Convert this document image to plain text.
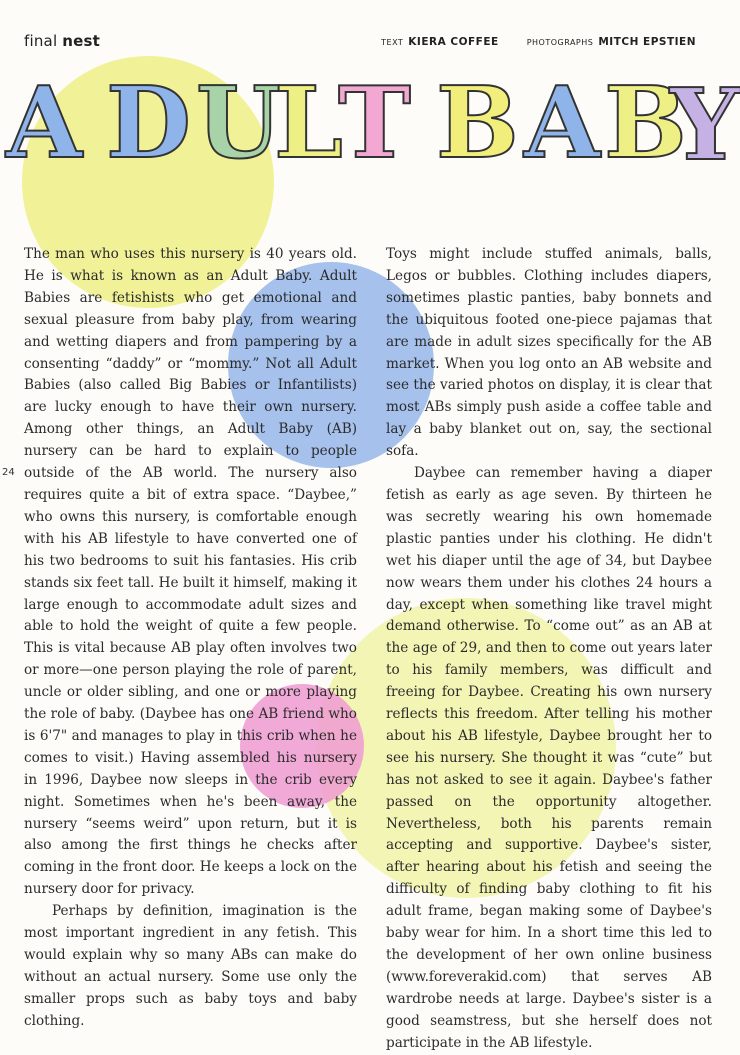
final nest	TEXT KIERA COFFEE	PHOTOGRAPHS MITCH EPSTIEN
A D U
L
T B A B
Y
24

The man who uses this nursery is 40 years old. He is what is known as an Adult Baby. Adult Babies are fetishists who get emotional and sexual pleasure from baby play, from wearing and wetting diapers and from pampering by a consenting “daddy” or “mommy.” Not all Adult Babies (also called Big Babies or Infantilists) are lucky enough to have their own nursery. Among other things, an Adult Baby (AB) nursery can be hard to explain to people outside of the AB world. The nursery also requires quite a bit of extra space. “Daybee,” who owns this nursery, is comfortable enough with his AB lifestyle to have converted one of his two bedrooms to suit his fantasies. His crib stands six feet tall. He built it himself, making it large enough to accommodate adult sizes and able to hold the weight of quite a few people. This is vital because AB play often involves two or more—one person playing the role of parent, uncle or older sibling, and one or more playing the role of baby. (Daybee has one AB friend who is 6'7" and manages to play in this crib when he comes to visit.) Having assembled his nursery in 1996, Daybee now sleeps in the crib every night. Sometimes when he's been away, the nursery “seems weird” upon return, but it is also among the first things he checks after coming in the front door. He keeps a lock on the nursery door for privacy.

Perhaps by definition, imagination is the most important ingredient in any fetish. This would explain why so many ABs can make do without an actual nursery. Some use only the smaller props such as baby toys and baby clothing.

Toys might include stuffed animals, balls, Legos or bubbles. Clothing includes diapers, sometimes plastic panties, baby bonnets and the ubiquitous footed one-piece pajamas that are made in adult sizes specifically for the AB market. When you log onto an AB website and see the varied photos on display, it is clear that most ABs simply push aside a coffee table and lay a baby blanket out on, say, the sectional sofa.

Daybee can remember having a diaper fetish as early as age seven. By thirteen he was secretly wearing his own homemade plastic panties under his clothing. He didn't wet his diaper until the age of 34, but Daybee now wears them under his clothes 24 hours a day, except when something like travel might demand otherwise. To “come out” as an AB at the age of 29, and then to come out years later to his family members, was difficult and freeing for Daybee. Creating his own nursery reflects this freedom. After telling his mother about his AB lifestyle, Daybee brought her to see his nursery. She thought it was “cute” but has not asked to see it again. Daybee's father passed on the opportunity altogether. Nevertheless, both his parents remain accepting and supportive. Daybee's sister, after hearing about his fetish and seeing the difficulty of finding baby clothing to fit his adult frame, began making some of Daybee's baby wear for him. In a short time this led to the development of her own online business (www.foreverakid.com) that serves AB wardrobe needs at large. Daybee's sister is a good seamstress, but she herself does not participate in the AB lifestyle.
